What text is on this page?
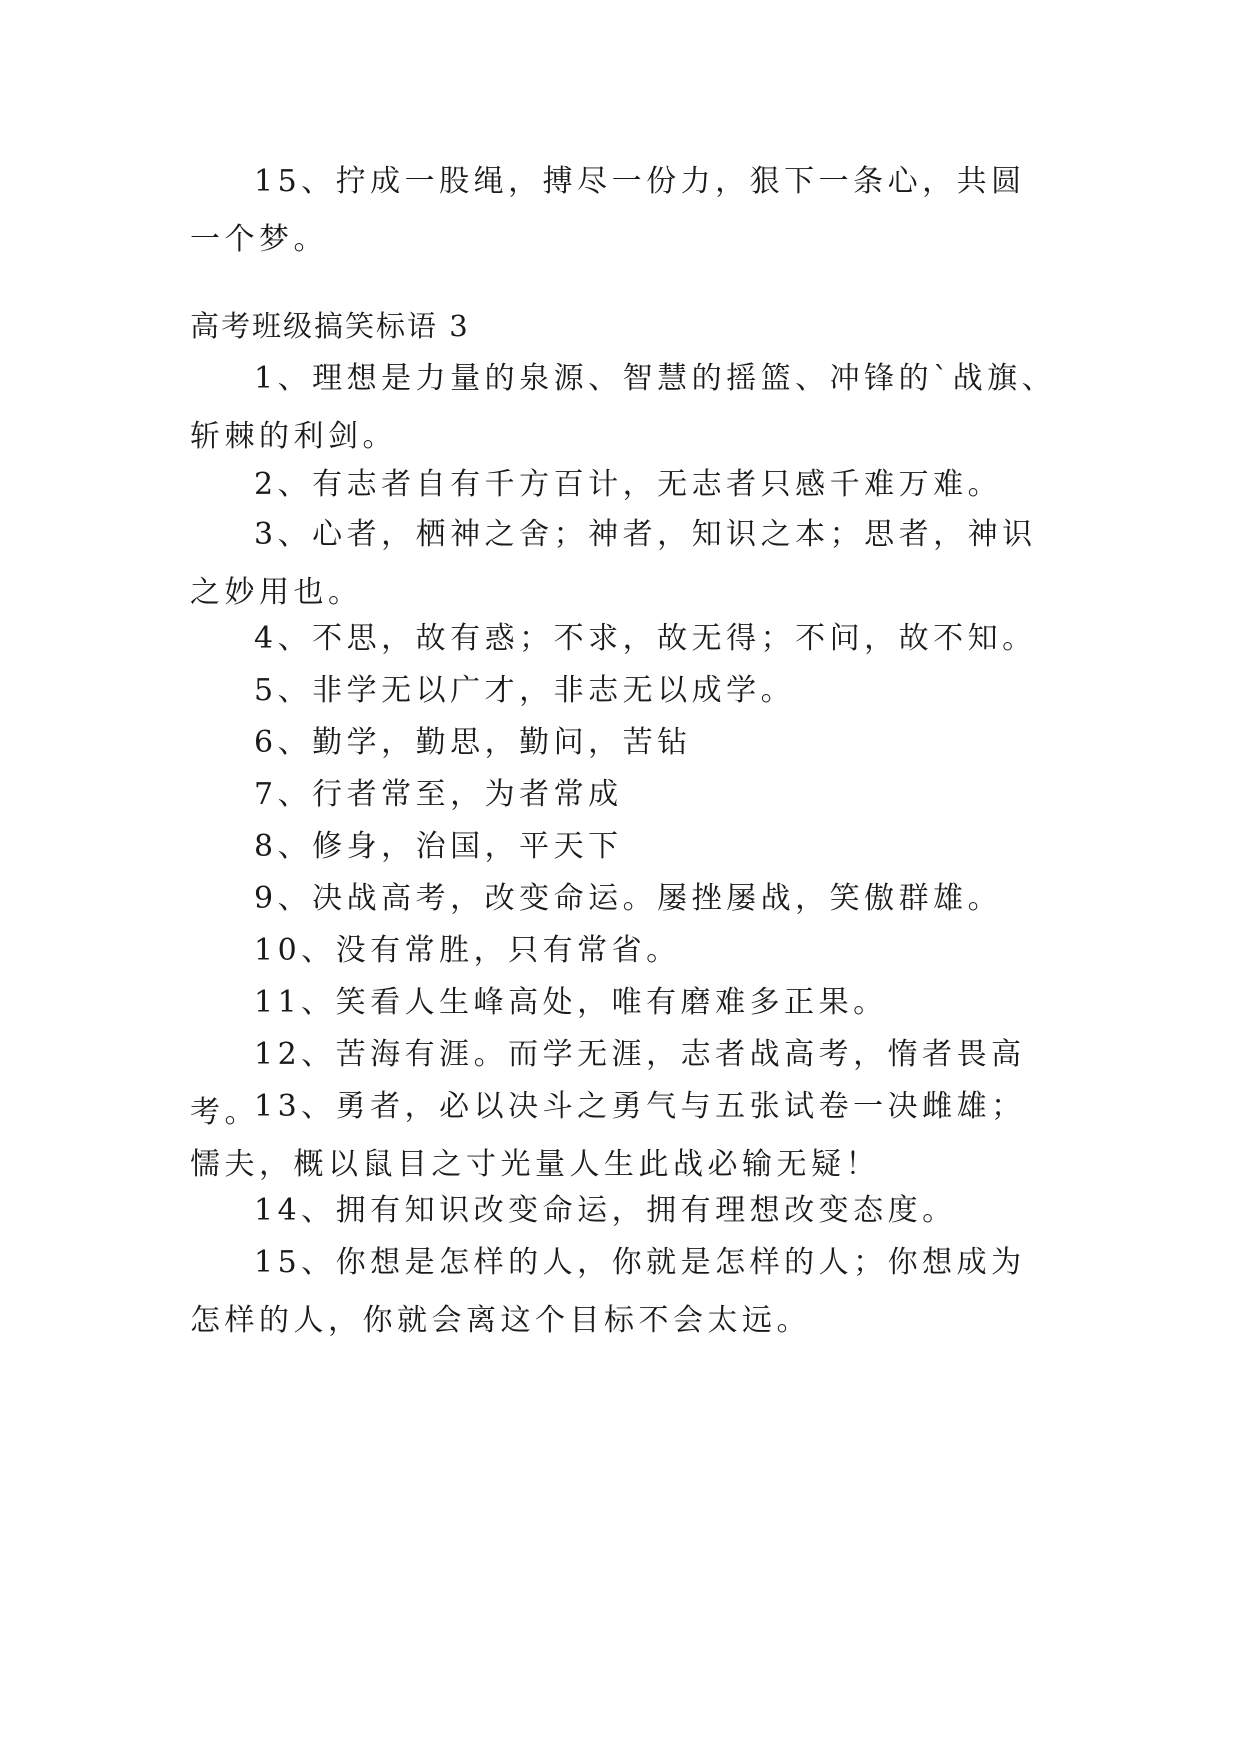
15、拧成一股绳，搏尽一份力，狠下一条心，共圆一个梦。

高考班级搞笑标语 3

1、理想是力量的泉源、智慧的摇篮、冲锋的`战旗、斩棘的利剑。

2、有志者自有千方百计，无志者只感千难万难。

3、心者，栖神之舍；神者，知识之本；思者，神识之妙用也。

4、不思，故有惑；不求，故无得；不问，故不知。

5、非学无以广才，非志无以成学。

6、勤学，勤思，勤问，苦钻

7、行者常至，为者常成

8、修身，治国，平天下

9、决战高考，改变命运。屡挫屡战，笑傲群雄。

10、没有常胜，只有常省。

11、笑看人生峰高处，唯有磨难多正果。

12、苦海有涯。而学无涯，志者战高考，惰者畏高考。

13、勇者，必以决斗之勇气与五张试卷一决雌雄；懦夫，概以鼠目之寸光量人生此战必输无疑！

14、拥有知识改变命运，拥有理想改变态度。

15、你想是怎样的人，你就是怎样的人；你想成为怎样的人，你就会离这个目标不会太远。
